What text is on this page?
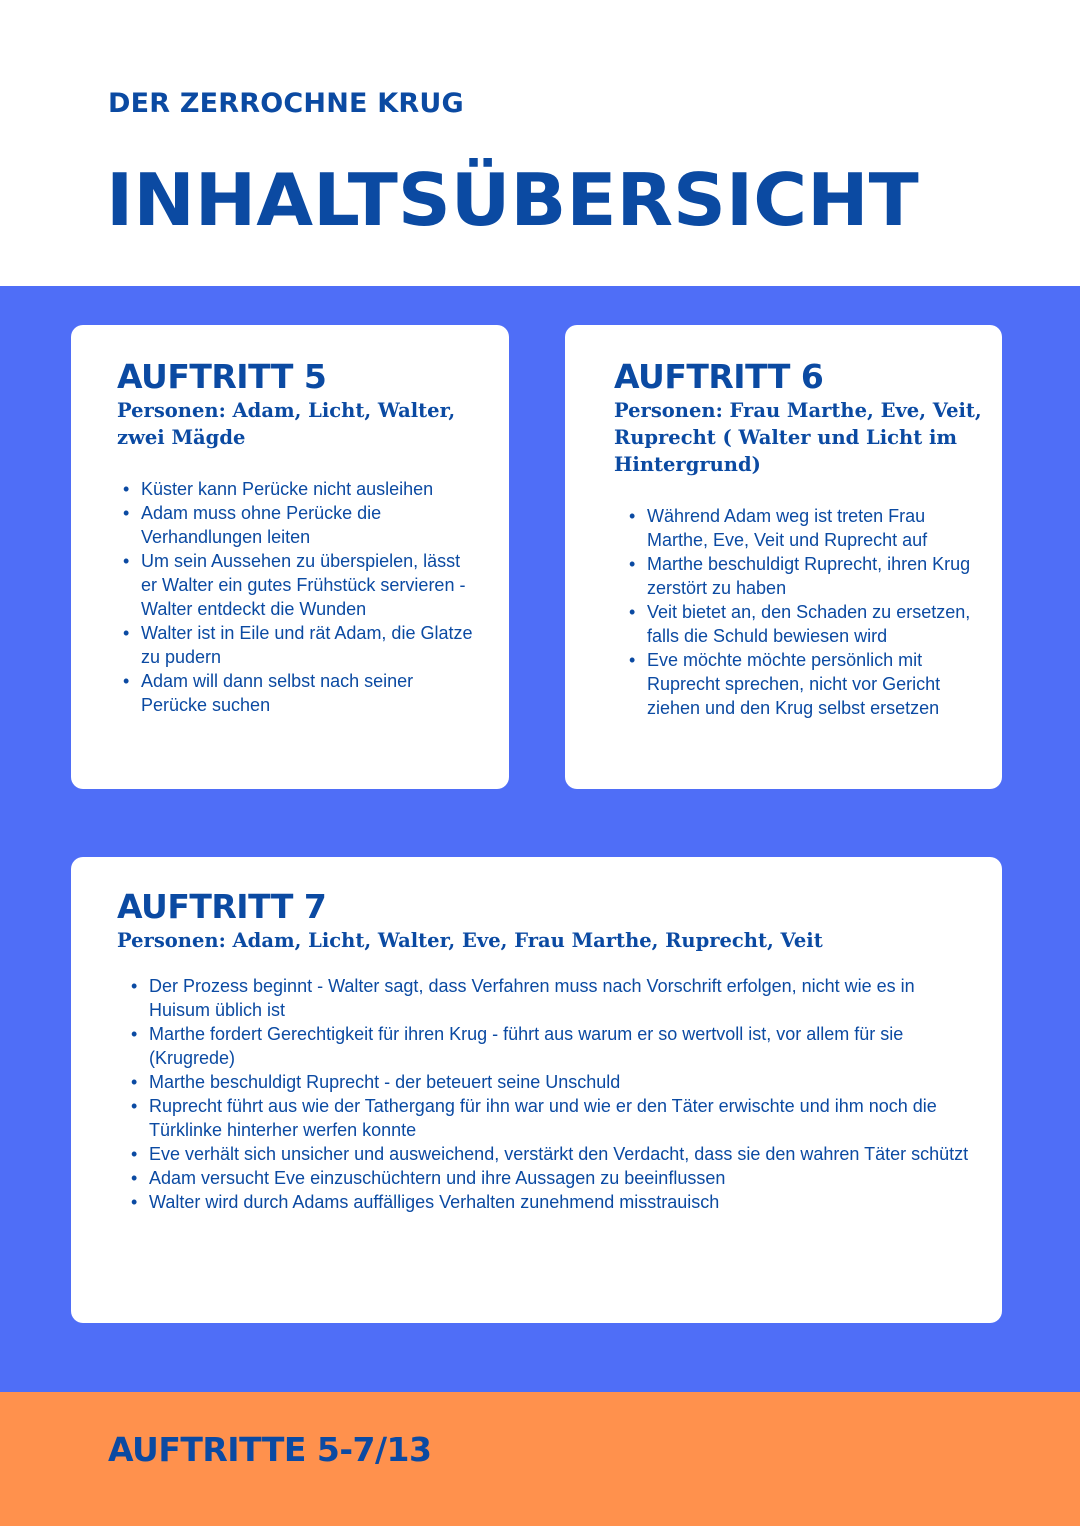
DER ZERROCHNE KRUG
INHALTSÜBERSICHT
AUFTRITT 5

Personen: Adam, Licht, Walter, zwei Mägde

• Küster kann Perücke nicht ausleihen
• Adam muss ohne Perücke die Verhandlungen leiten
• Um sein Aussehen zu überspielen, lässt er Walter ein gutes Frühstück servieren - Walter entdeckt die Wunden
• Walter ist in Eile und rät Adam, die Glatze zu pudern
• Adam will dann selbst nach seiner Perücke suchen
AUFTRITT 6

Personen: Frau Marthe, Eve, Veit, Ruprecht ( Walter und Licht im Hintergrund)

• Während Adam weg ist treten Frau Marthe, Eve, Veit und Ruprecht auf
• Marthe beschuldigt Ruprecht, ihren Krug zerstört zu haben
• Veit bietet an, den Schaden zu ersetzen, falls die Schuld bewiesen wird
• Eve möchte möchte persönlich mit Ruprecht sprechen, nicht vor Gericht ziehen und den Krug selbst ersetzen
AUFTRITT 7

Personen: Adam, Licht, Walter, Eve, Frau Marthe, Ruprecht, Veit

• Der Prozess beginnt - Walter sagt, dass Verfahren muss nach Vorschrift erfolgen, nicht wie es in Huisum üblich ist
• Marthe fordert Gerechtigkeit für ihren Krug - führt aus warum er so wertvoll ist, vor allem für sie (Krugrede)
• Marthe beschuldigt Ruprecht - der beteuert seine Unschuld
• Ruprecht führt aus wie der Tathergang für ihn war und wie er den Täter erwischte und ihm noch die Türklinke hinterher werfen konnte
• Eve verhält sich unsicher und ausweichend, verstärkt den Verdacht, dass sie den wahren Täter schützt
• Adam versucht Eve einzuschüchtern und ihre Aussagen zu beeinflussen
• Walter wird durch Adams auffälliges Verhalten zunehmend misstrauisch
AUFTRITTE 5-7/13
